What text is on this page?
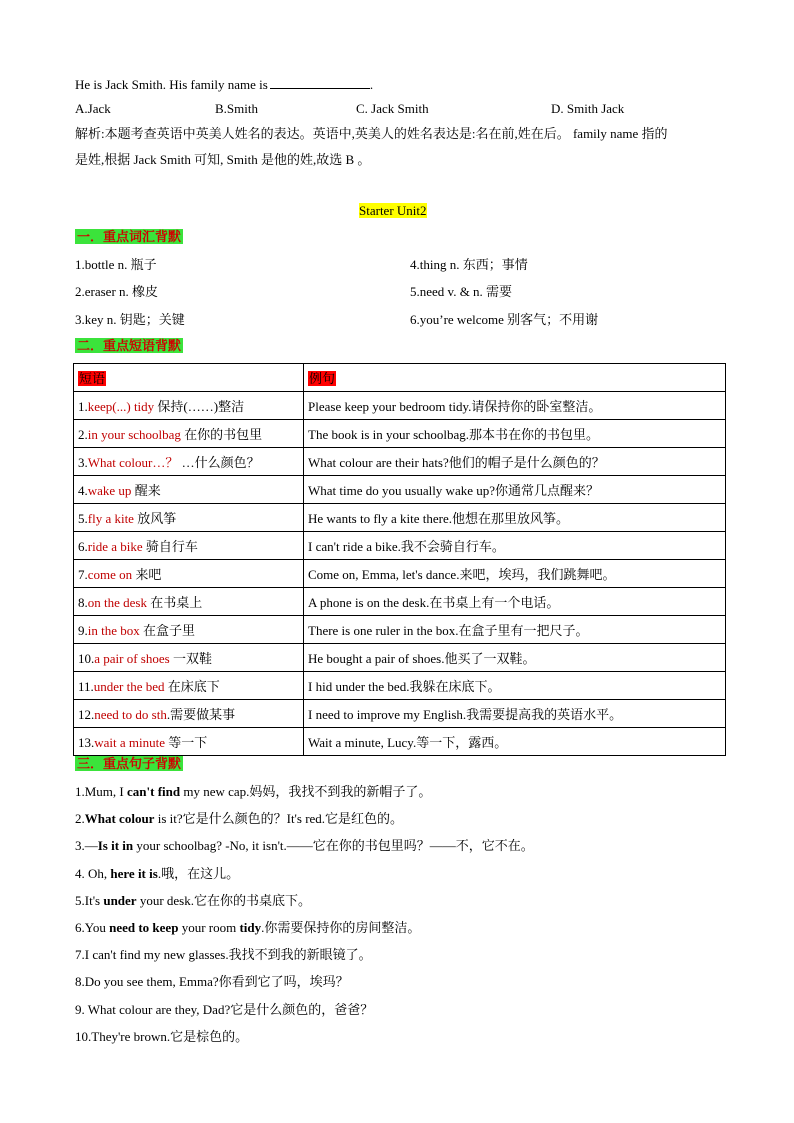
He is Jack Smith. His family name is	.
A.Jack	B.Smith	C. Jack Smith	D. Smith Jack
解析:本题考查英语中英美人姓名的表达。英语中,英美人的姓名表达是:名在前,姓在后。 family name 指的
是姓,根据 Jack Smith 可知, Smith 是他的姓,故选 B 。
Starter Unit2
一．重点词汇背默
1.bottle n. 瓶子	4.thing n. 东西；事情
2.eraser n. 橡皮	5.need v. & n. 需要
3.key n. 钥匙；关键	6.you’re welcome 别客气；不用谢
二．重点短语背默
短语	例句
1.keep(...) tidy 保持(……)整洁	Please keep your bedroom tidy.请保持你的卧室整洁。
2.in your schoolbag 在你的书包里	The book is in your schoolbag.那本书在你的书包里。
3.What colour…？ …什么颜色？	What colour are their hats?他们的帽子是什么颜色的？
4.wake up 醒来	What time do you usually wake up?你通常几点醒来？
5.fly a kite 放风筝	He wants to fly a kite there.他想在那里放风筝。
6.ride a bike 骑自行车	I can't ride a bike.我不会骑自行车。
7.come on 来吧	Come on, Emma, let's dance.来吧，埃玛，我们跳舞吧。
8.on the desk 在书桌上	A phone is on the desk.在书桌上有一个电话。
9.in the box 在盒子里	There is one ruler in the box.在盒子里有一把尺子。
10.a pair of shoes 一双鞋	He bought a pair of shoes.他买了一双鞋。
11.under the bed 在床底下	I hid under the bed.我躲在床底下。
12.need to do sth.需要做某事	I need to improve my English.我需要提高我的英语水平。
13.wait a minute 等一下	Wait a minute, Lucy.等一下，露西。
三．重点句子背默
1.Mum, I can't find my new cap.妈妈，我找不到我的新帽子了。
2.What colour is it?它是什么颜色的？It's red.它是红色的。
3.—Is it in your schoolbag? -No, it isn't.——它在你的书包里吗？——不，它不在。
4. Oh, here it is.哦，在这儿。
5.It's under your desk.它在你的书桌底下。
6.You need to keep your room tidy.你需要保持你的房间整洁。
7.I can't find my new glasses.我找不到我的新眼镜了。
8.Do you see them, Emma?你看到它了吗，埃玛？
9. What colour are they, Dad?它是什么颜色的，爸爸？
10.They're brown.它是棕色的。
